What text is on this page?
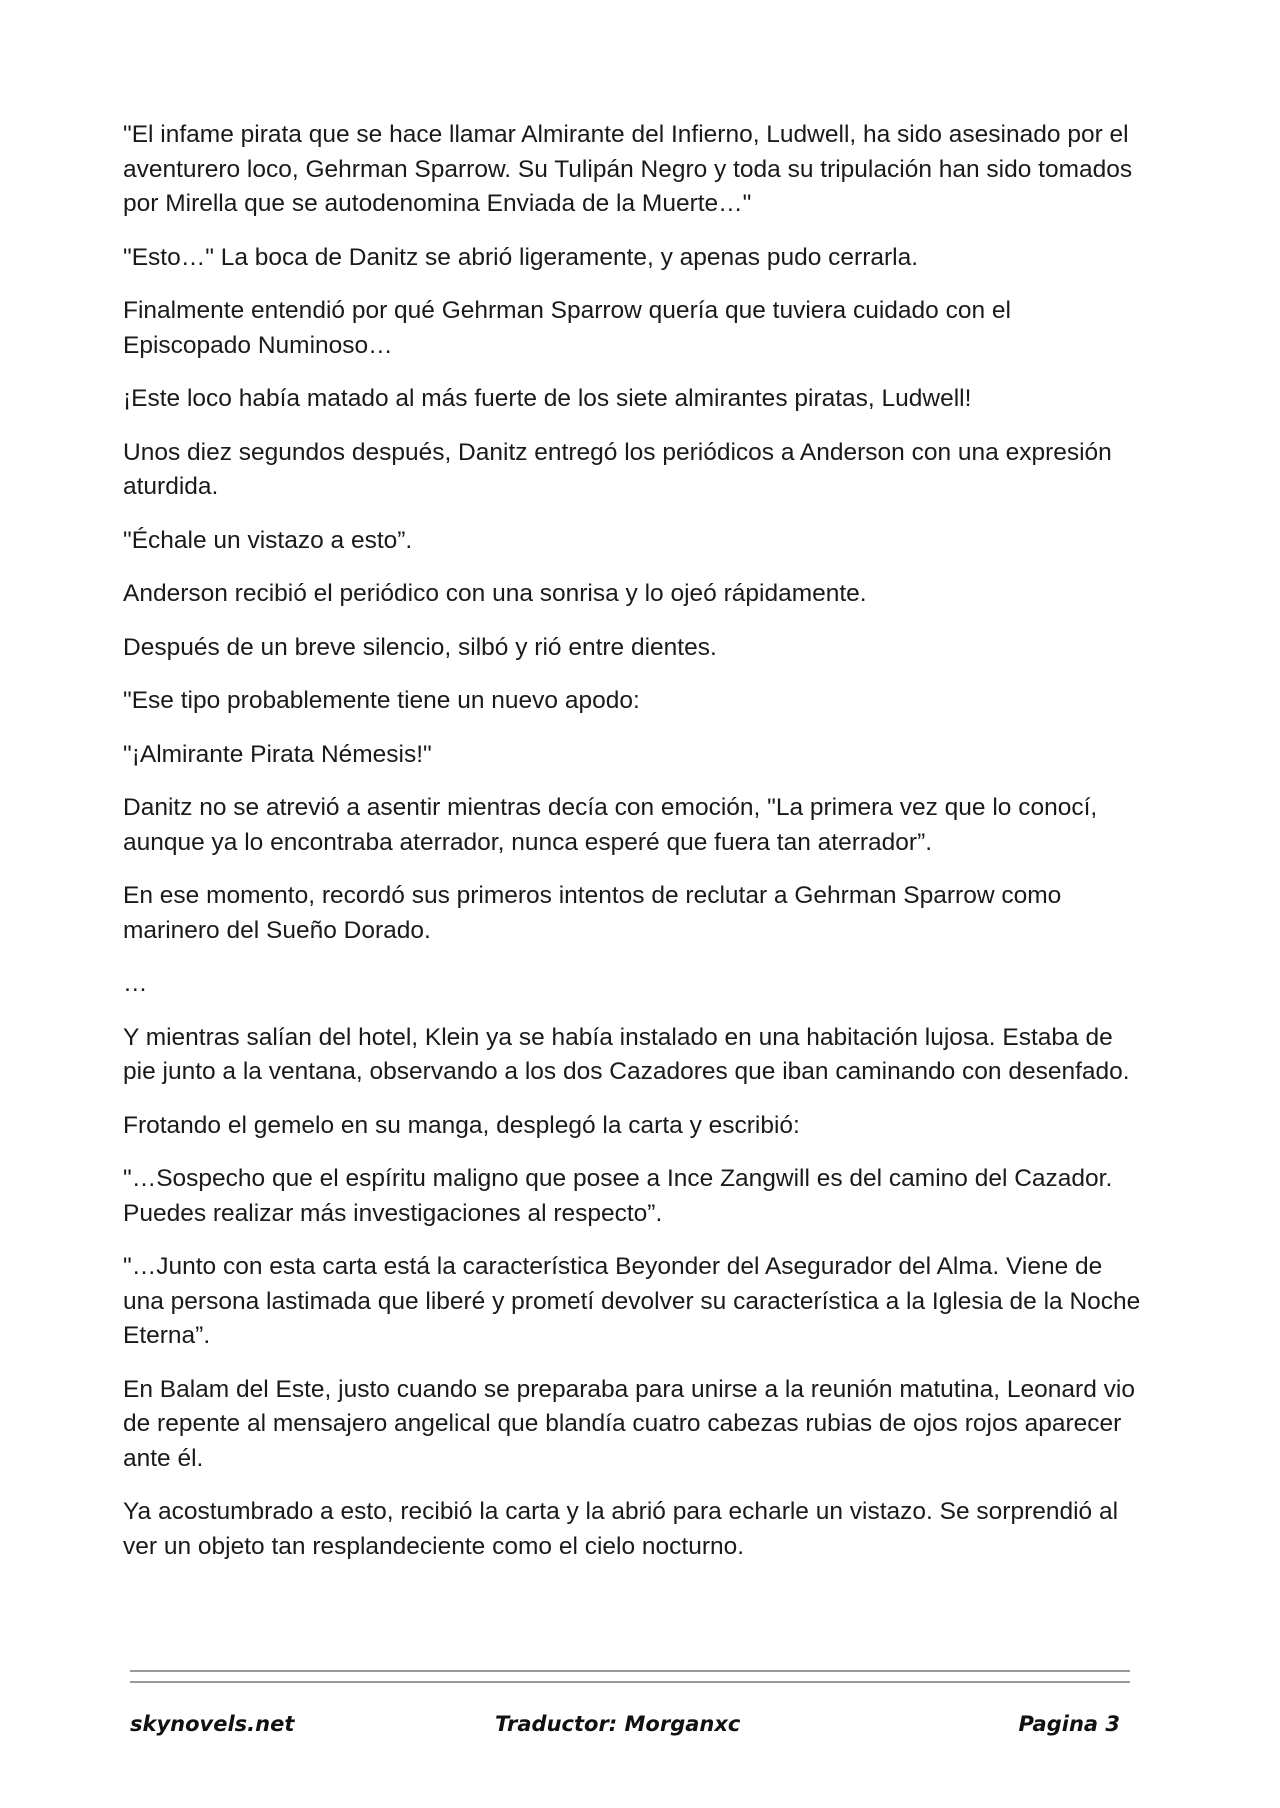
"El infame pirata que se hace llamar Almirante del Infierno, Ludwell, ha sido asesinado por el aventurero loco, Gehrman Sparrow. Su Tulipán Negro y toda su tripulación han sido tomados por Mirella que se autodenomina Enviada de la Muerte…"

"Esto…" La boca de Danitz se abrió ligeramente, y apenas pudo cerrarla.

Finalmente entendió por qué Gehrman Sparrow quería que tuviera cuidado con el Episcopado Numinoso…

¡Este loco había matado al más fuerte de los siete almirantes piratas, Ludwell!

Unos diez segundos después, Danitz entregó los periódicos a Anderson con una expresión aturdida.

"Échale un vistazo a esto”.

Anderson recibió el periódico con una sonrisa y lo ojeó rápidamente.

Después de un breve silencio, silbó y rió entre dientes.

"Ese tipo probablemente tiene un nuevo apodo:

"¡Almirante Pirata Némesis!"

Danitz no se atrevió a asentir mientras decía con emoción, "La primera vez que lo conocí, aunque ya lo encontraba aterrador, nunca esperé que fuera tan aterrador”.

En ese momento, recordó sus primeros intentos de reclutar a Gehrman Sparrow como marinero del Sueño Dorado.

…

Y mientras salían del hotel, Klein ya se había instalado en una habitación lujosa. Estaba de pie junto a la ventana, observando a los dos Cazadores que iban caminando con desenfado.

Frotando el gemelo en su manga, desplegó la carta y escribió:

"…Sospecho que el espíritu maligno que posee a Ince Zangwill es del camino del Cazador. Puedes realizar más investigaciones al respecto”.

"…Junto con esta carta está la característica Beyonder del Asegurador del Alma. Viene de una persona lastimada que liberé y prometí devolver su característica a la Iglesia de la Noche Eterna”.

En Balam del Este, justo cuando se preparaba para unirse a la reunión matutina, Leonard vio de repente al mensajero angelical que blandía cuatro cabezas rubias de ojos rojos aparecer ante él.

Ya acostumbrado a esto, recibió la carta y la abrió para echarle un vistazo. Se sorprendió al ver un objeto tan resplandeciente como el cielo nocturno.

skynovels.net	Traductor: Morganxc	Pagina 3
